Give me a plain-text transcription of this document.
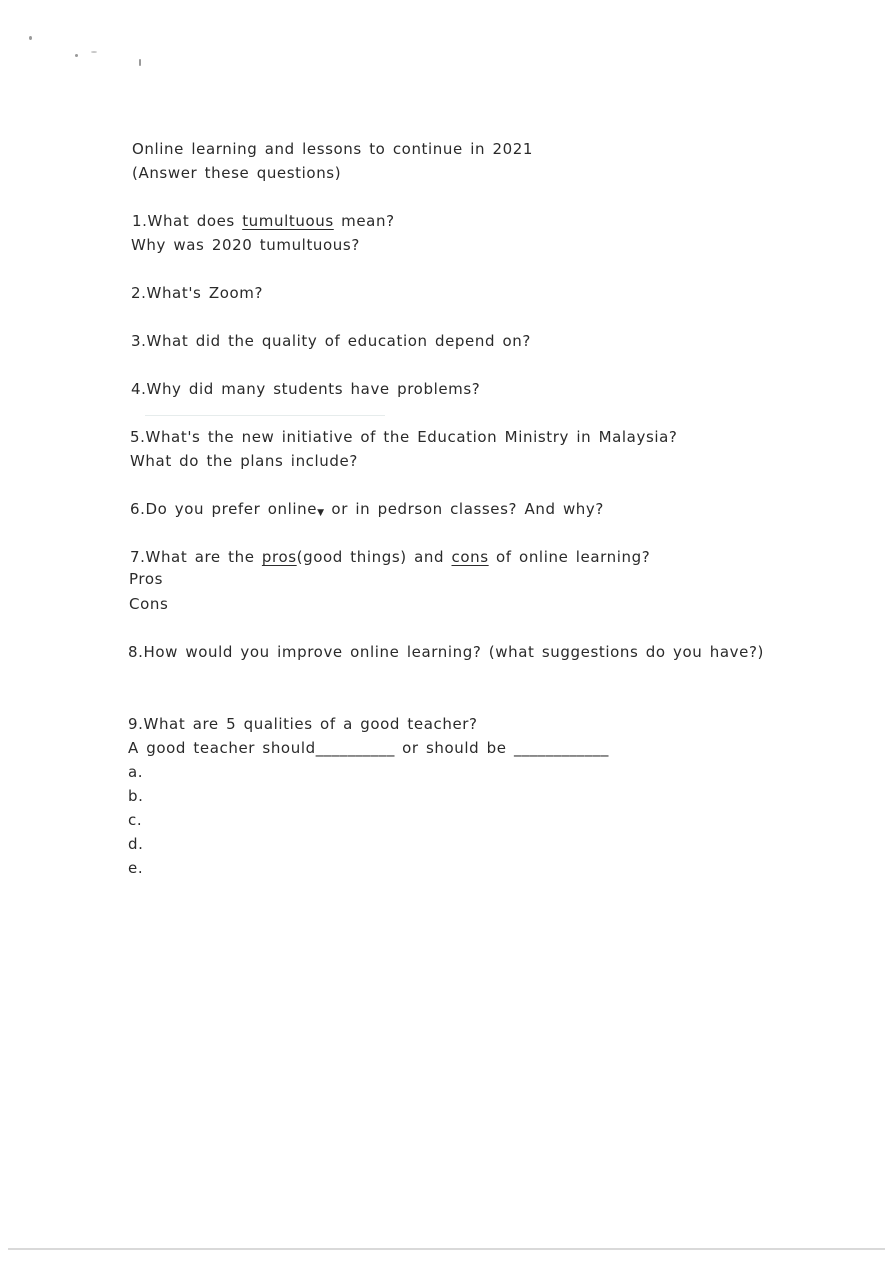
Online learning and lessons to continue in 2021
(Answer these questions)
1.What does tumultuous mean?
Why was 2020 tumultuous?
2.What's Zoom?
3.What did the quality of education depend on?
4.Why did many students have problems?
5.What's the new initiative of the Education Ministry in Malaysia?
What do the plans include?
6.Do you prefer online▼ or in pedrson classes? And why?
7.What are the pros(good things) and cons of online learning?
Pros
Cons
8.How would you improve online learning? (what suggestions do you have?)
9.What are 5 qualities of a good teacher?
A good teacher should__________ or should be ____________
a.
b.
c.
d.
e.
